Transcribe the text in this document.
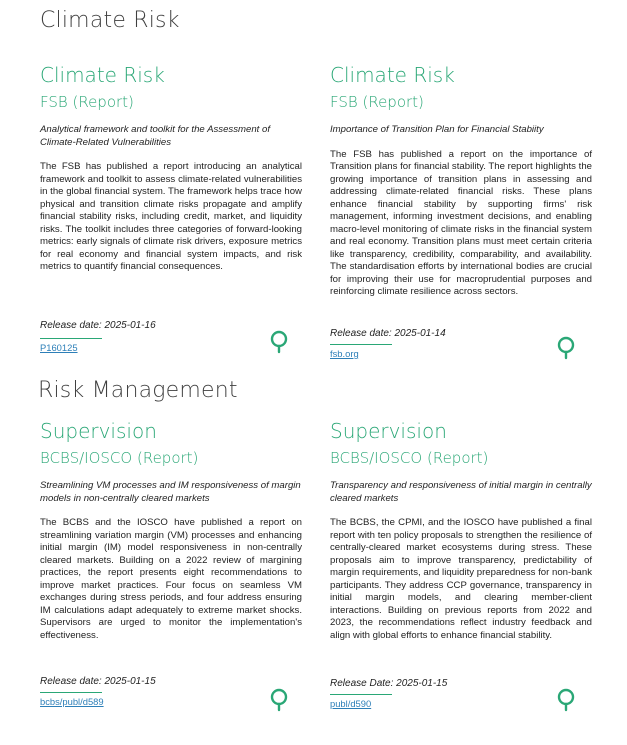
Climate Risk
Climate Risk
FSB (Report)
Analytical framework and toolkit for the Assessment of Climate-Related Vulnerabilities
The FSB has published a report introducing an analytical framework and toolkit to assess climate-related vulnerabilities in the global financial system. The framework helps trace how physical and transition climate risks propagate and amplify financial stability risks, including credit, market, and liquidity risks. The toolkit includes three categories of forward-looking metrics: early signals of climate risk drivers, exposure metrics for real economy and financial system impacts, and risk metrics to quantify financial consequences.
Release date: 2025-01-16
P160125
Climate Risk
FSB (Report)
Importance of Transition Plan for Financial Stabiity
The FSB has published a report on the importance of Transition plans for financial stability. The report highlights the growing importance of transition plans in assessing and addressing climate-related financial risks. These plans enhance financial stability by supporting firms' risk management, informing investment decisions, and enabling macro-level monitoring of climate risks in the financial system and real economy. Transition plans must meet certain criteria like transparency, credibility, comparability, and availability. The standardisation efforts by international bodies are crucial for improving their use for macroprudential purposes and reinforcing climate resilience across sectors.
Release date: 2025-01-14
fsb.org
Risk Management
Supervision
BCBS/IOSCO (Report)
Streamlining VM processes and IM responsiveness of margin models in non-centrally cleared markets
The BCBS and the IOSCO have published a report on streamlining variation margin (VM) processes and enhancing initial margin (IM) model responsiveness in non-centrally cleared markets. Building on a 2022 review of margining practices, the report presents eight recommendations to improve market practices. Four focus on seamless VM exchanges during stress periods, and four address ensuring IM calculations adapt adequately to extreme market shocks. Supervisors are urged to monitor the implementation's effectiveness.
Release date: 2025-01-15
bcbs/publ/d589
Supervision
BCBS/IOSCO (Report)
Transparency and responsiveness of initial margin in centrally cleared markets
The BCBS, the CPMI, and the IOSCO have published a final report with ten policy proposals to strengthen the resilience of centrally-cleared market ecosystems during stress. These proposals aim to improve transparency, predictability of margin requirements, and liquidity preparedness for non-bank participants. They address CCP governance, transparency in initial margin models, and clearing member-client interactions. Building on previous reports from 2022 and 2023, the recommendations reflect industry feedback and align with global efforts to enhance financial stability.
Release Date: 2025-01-15
publ/d590
